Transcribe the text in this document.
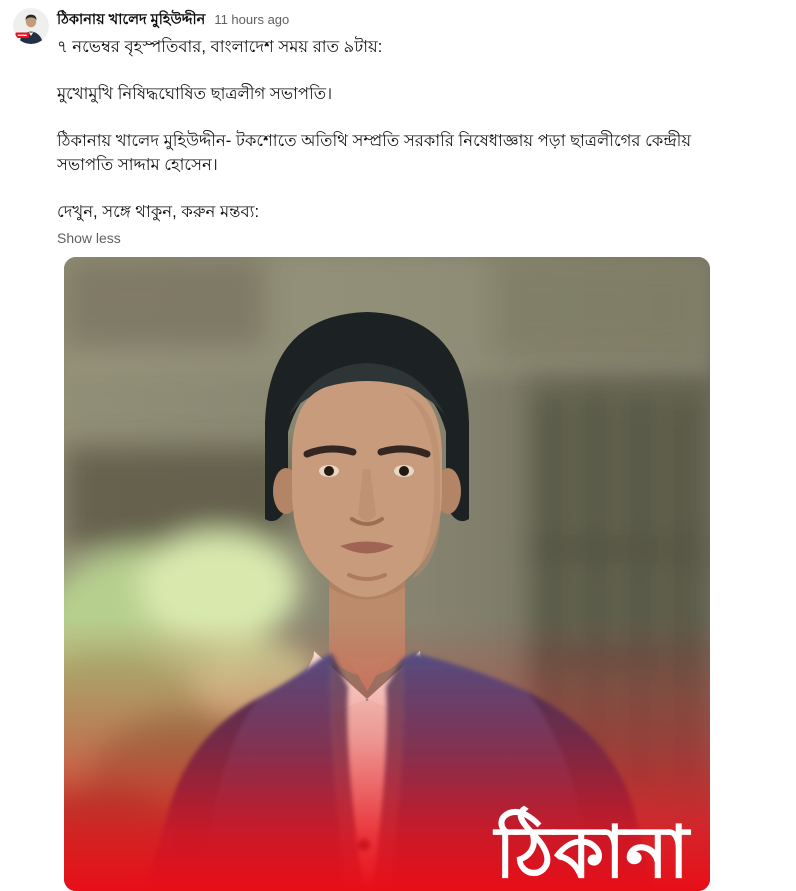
ঠিকানায় খালেদ মুহিউদ্দীন 11 hours ago

৭ নভেম্বর বৃহস্পতিবার, বাংলাদেশ সময় রাত ৯টায়:

মুখোমুখি নিষিদ্ধঘোষিত ছাত্রলীগ সভাপতি।

ঠিকানায় খালেদ মুহিউদ্দীন- টকশোতে অতিথি সম্প্রতি সরকারি নিষেধাজ্ঞায় পড়া ছাত্রলীগের কেন্দ্রীয় সভাপতি সাদ্দাম হোসেন।

দেখুন, সঙ্গে থাকুন, করুন মন্তব্য:

Show less
ঠিকানা
